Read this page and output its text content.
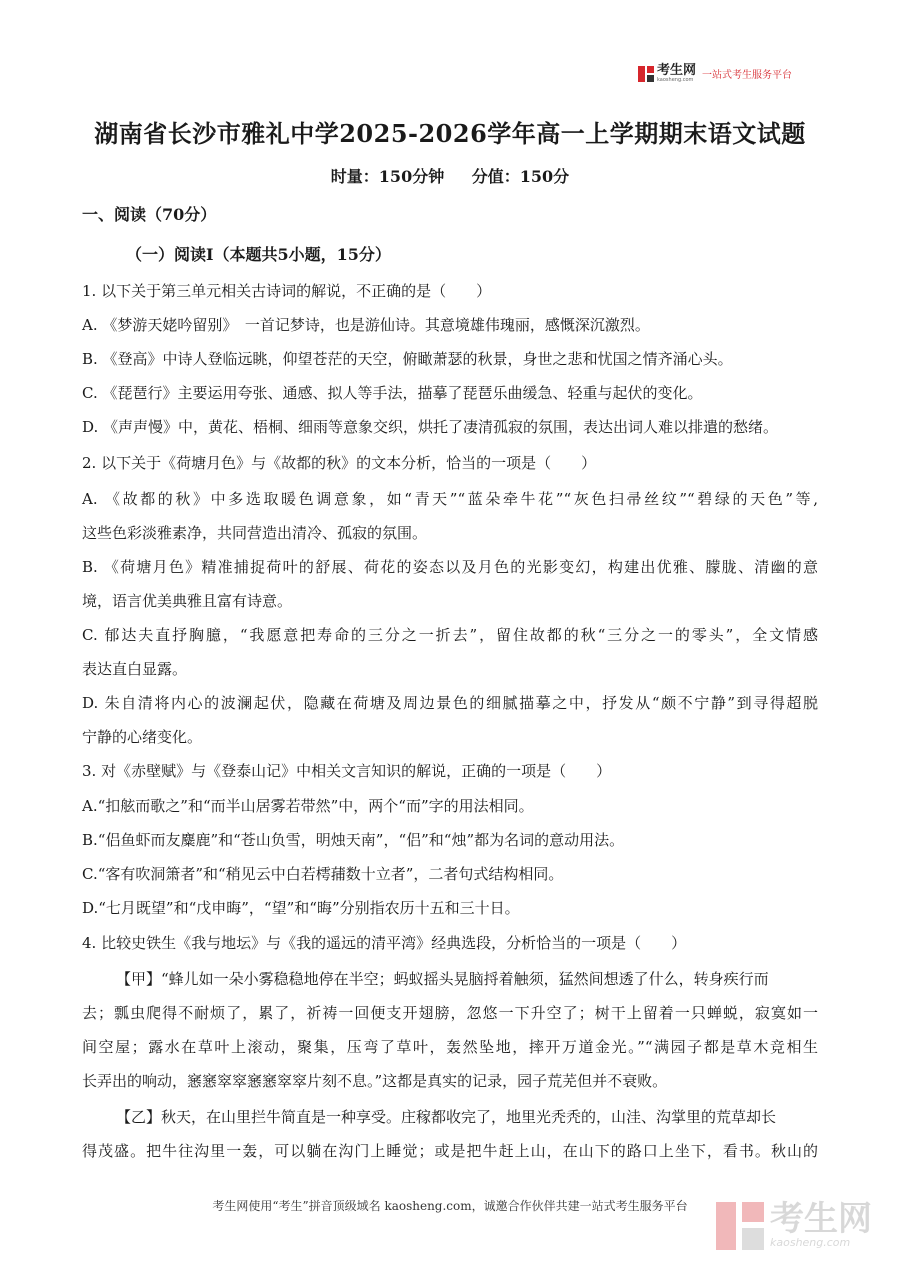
考生网
kaosheng.com 一站式考生服务平台
湖南省长沙市雅礼中学2025-2026学年高一上学期期末语文试题
时量：150分钟 分值：150分
一、阅读（70分）
（一）阅读Ⅰ（本题共5小题，15分）
1. 以下关于第三单元相关古诗词的解说，不正确的是（　　）
A. 《梦游天姥吟留别》　一首记梦诗，也是游仙诗。其意境雄伟瑰丽，感慨深沉激烈。
B. 《登高》中诗人登临远眺，仰望苍茫的天空，俯瞰萧瑟的秋景，身世之悲和忧国之情齐涌心头。
C. 《琵琶行》主要运用夸张、通感、拟人等手法，描摹了琵琶乐曲缓急、轻重与起伏的变化。
D. 《声声慢》中，黄花、梧桐、细雨等意象交织，烘托了凄清孤寂的氛围，表达出词人难以排遣的愁绪。
2. 以下关于《荷塘月色》与《故都的秋》的文本分析，恰当的一项是（　　）
A. 《故都的秋》中多选取暖色调意象，如“青天”“蓝朵牵牛花”“灰色扫帚丝纹”“碧绿的天色”等,
这些色彩淡雅素净，共同营造出清冷、孤寂的氛围。
B. 《荷塘月色》精准捕捉荷叶的舒展、荷花的姿态以及月色的光影变幻，构建出优雅、朦胧、清幽的意
境，语言优美典雅且富有诗意。
C. 郁达夫直抒胸臆，“我愿意把寿命的三分之一折去”，留住故都的秋“三分之一的零头”，全文情感
表达直白显露。
D. 朱自清将内心的波澜起伏，隐藏在荷塘及周边景色的细腻描摹之中，抒发从“颇不宁静”到寻得超脱
宁静的心绪变化。
3. 对《赤壁赋》与《登泰山记》中相关文言知识的解说，正确的一项是（　　）
A.“扣舷而歌之”和“而半山居雾若带然”中，两个“而”字的用法相同。
B.“侣鱼虾而友麋鹿”和“苍山负雪，明烛天南”，“侣”和“烛”都为名词的意动用法。
C.“客有吹洞箫者”和“稍见云中白若樗蒱数十立者”，二者句式结构相同。
D.“七月既望”和“戊申晦”，“望”和“晦”分别指农历十五和三十日。
4. 比较史铁生《我与地坛》与《我的遥远的清平湾》经典选段，分析恰当的一项是（　　）
【甲】“蜂儿如一朵小雾稳稳地停在半空；蚂蚁摇头晃脑捋着触须，猛然间想透了什么，转身疾行而
去；瓢虫爬得不耐烦了，累了，祈祷一回便支开翅膀，忽悠一下升空了；树干上留着一只蝉蜕，寂寞如一
间空屋；露水在草叶上滚动，聚集，压弯了草叶，轰然坠地，摔开万道金光。”“满园子都是草木竞相生
长弄出的响动，窸窸窣窣窸窸窣窣片刻不息。”这都是真实的记录，园子荒芜但并不衰败。
【乙】秋天，在山里拦牛简直是一种享受。庄稼都收完了，地里光秃秃的，山洼、沟掌里的荒草却长
得茂盛。把牛往沟里一轰，可以躺在沟门上睡觉；或是把牛赶上山，在山下的路口上坐下，看书。秋山的
考生网使用“考生”拼音顶级域名 kaosheng.com，诚邀合作伙伴共建一站式考生服务平台	考生网
kaosheng.com
